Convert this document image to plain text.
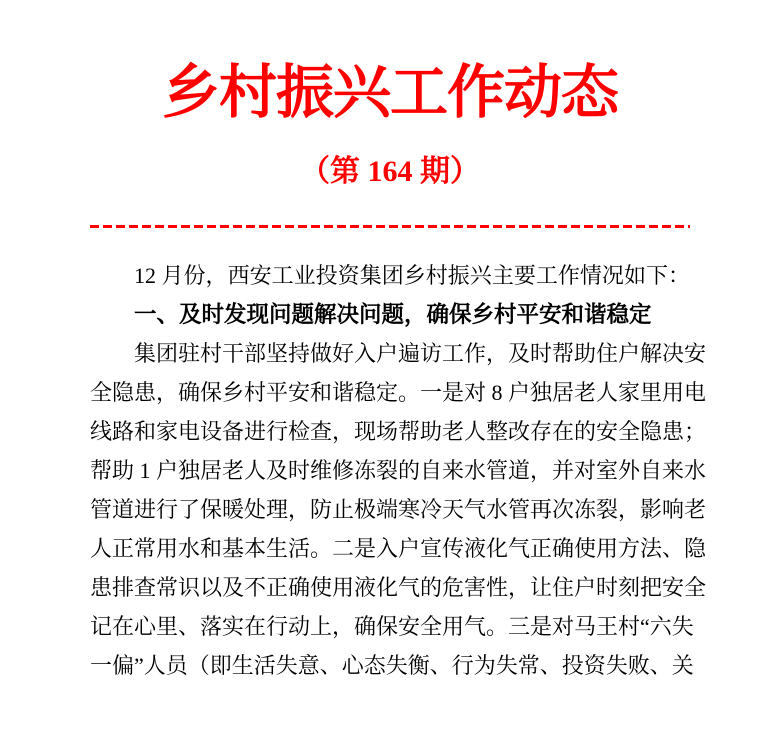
乡村振兴工作动态
（第 164 期）
12 月份，西安工业投资集团乡村振兴主要工作情况如下：
一、及时发现问题解决问题，确保乡村平安和谐稳定
集团驻村干部坚持做好入户遍访工作，及时帮助住户解决安
全隐患，确保乡村平安和谐稳定。一是对 8 户独居老人家里用电
线路和家电设备进行检查，现场帮助老人整改存在的安全隐患；
帮助 1 户独居老人及时维修冻裂的自来水管道，并对室外自来水
管道进行了保暖处理，防止极端寒冷天气水管再次冻裂，影响老
人正常用水和基本生活。二是入户宣传液化气正确使用方法、隐
患排查常识以及不正确使用液化气的危害性，让住户时刻把安全
记在心里、落实在行动上，确保安全用气。三是对马王村“六失
一偏”人员（即生活失意、心态失衡、行为失常、投资失败、关
